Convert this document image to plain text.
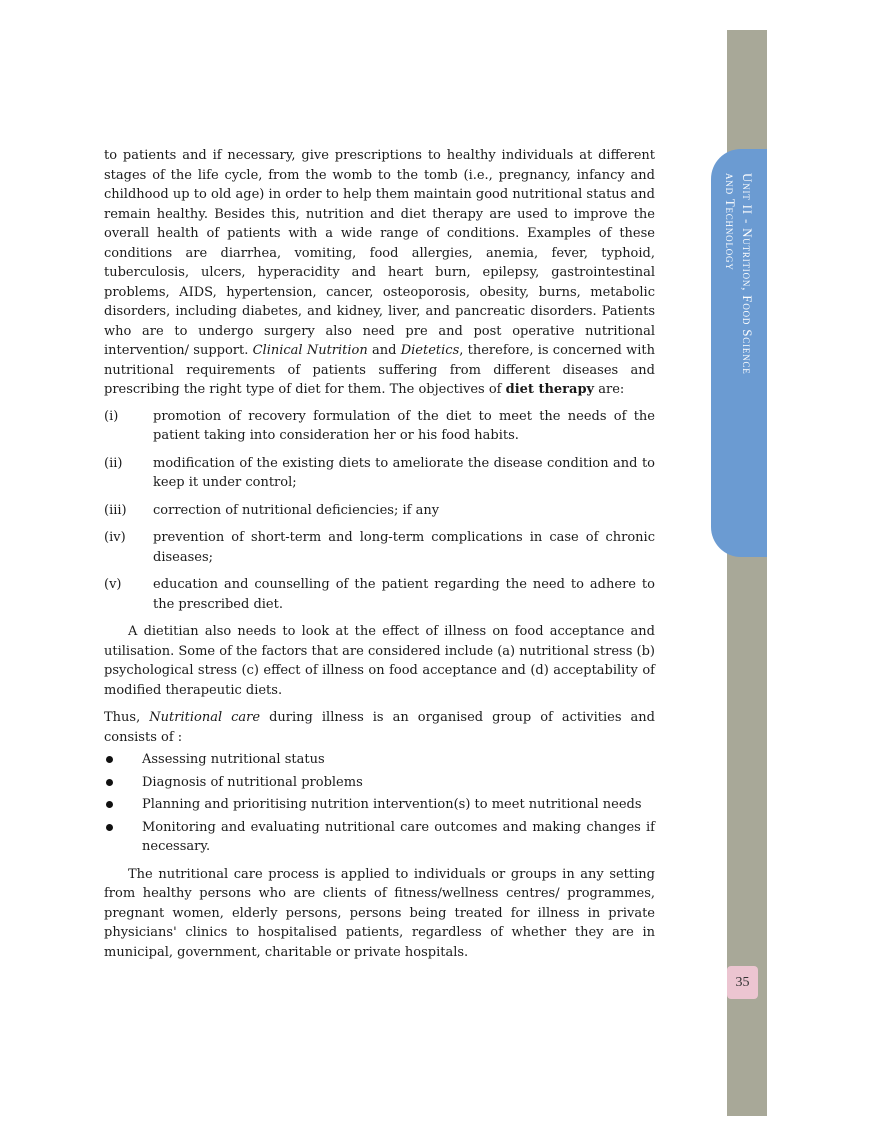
Unit II - Nutrition, Food Science
and Technology
35

to patients and if necessary, give prescriptions to healthy individuals at different stages of the life cycle, from the womb to the tomb (i.e., pregnancy, infancy and childhood up to old age) in order to help them maintain good nutritional status and remain healthy. Besides this, nutrition and diet therapy are used to improve the overall health of patients with a wide range of conditions. Examples of these conditions are diarrhea, vomiting, food allergies, anemia, fever, typhoid, tuberculosis, ulcers, hyperacidity and heart burn, epilepsy, gastrointestinal problems, AIDS, hypertension, cancer, osteoporosis, obesity, burns, metabolic disorders, including diabetes, and kidney, liver, and pancreatic disorders. Patients who are to undergo surgery also need pre and post operative nutritional intervention/ support. Clinical Nutrition and Dietetics, therefore, is concerned with nutritional requirements of patients suffering from different diseases and prescribing the right type of diet for them. The objectives of diet therapy are:

(i)	promotion of recovery formulation of the diet to meet the needs of the patient taking into consideration her or his food habits.
(ii)	modification of the existing diets to ameliorate the disease condition and to keep it under control;
(iii)	correction of nutritional deficiencies; if any
(iv)	prevention of short-term and long-term complications in case of chronic diseases;
(v)	education and counselling of the patient regarding the need to adhere to the prescribed diet.

A dietitian also needs to look at the effect of illness on food acceptance and utilisation. Some of the factors that are considered include (a) nutritional stress (b) psychological stress (c) effect of illness on food acceptance and (d) acceptability of modified therapeutic diets.

Thus, Nutritional care during illness is an organised group of activities and consists of :

Assessing nutritional status
Diagnosis of nutritional problems
Planning and prioritising nutrition intervention(s) to meet nutritional needs
Monitoring and evaluating nutritional care outcomes and making changes if necessary.

The nutritional care process is applied to individuals or groups in any setting from healthy persons who are clients of fitness/wellness centres/ programmes, pregnant women, elderly persons, persons being treated for illness in private physicians' clinics to hospitalised patients, regardless of whether they are in municipal, government, charitable or private hospitals.
